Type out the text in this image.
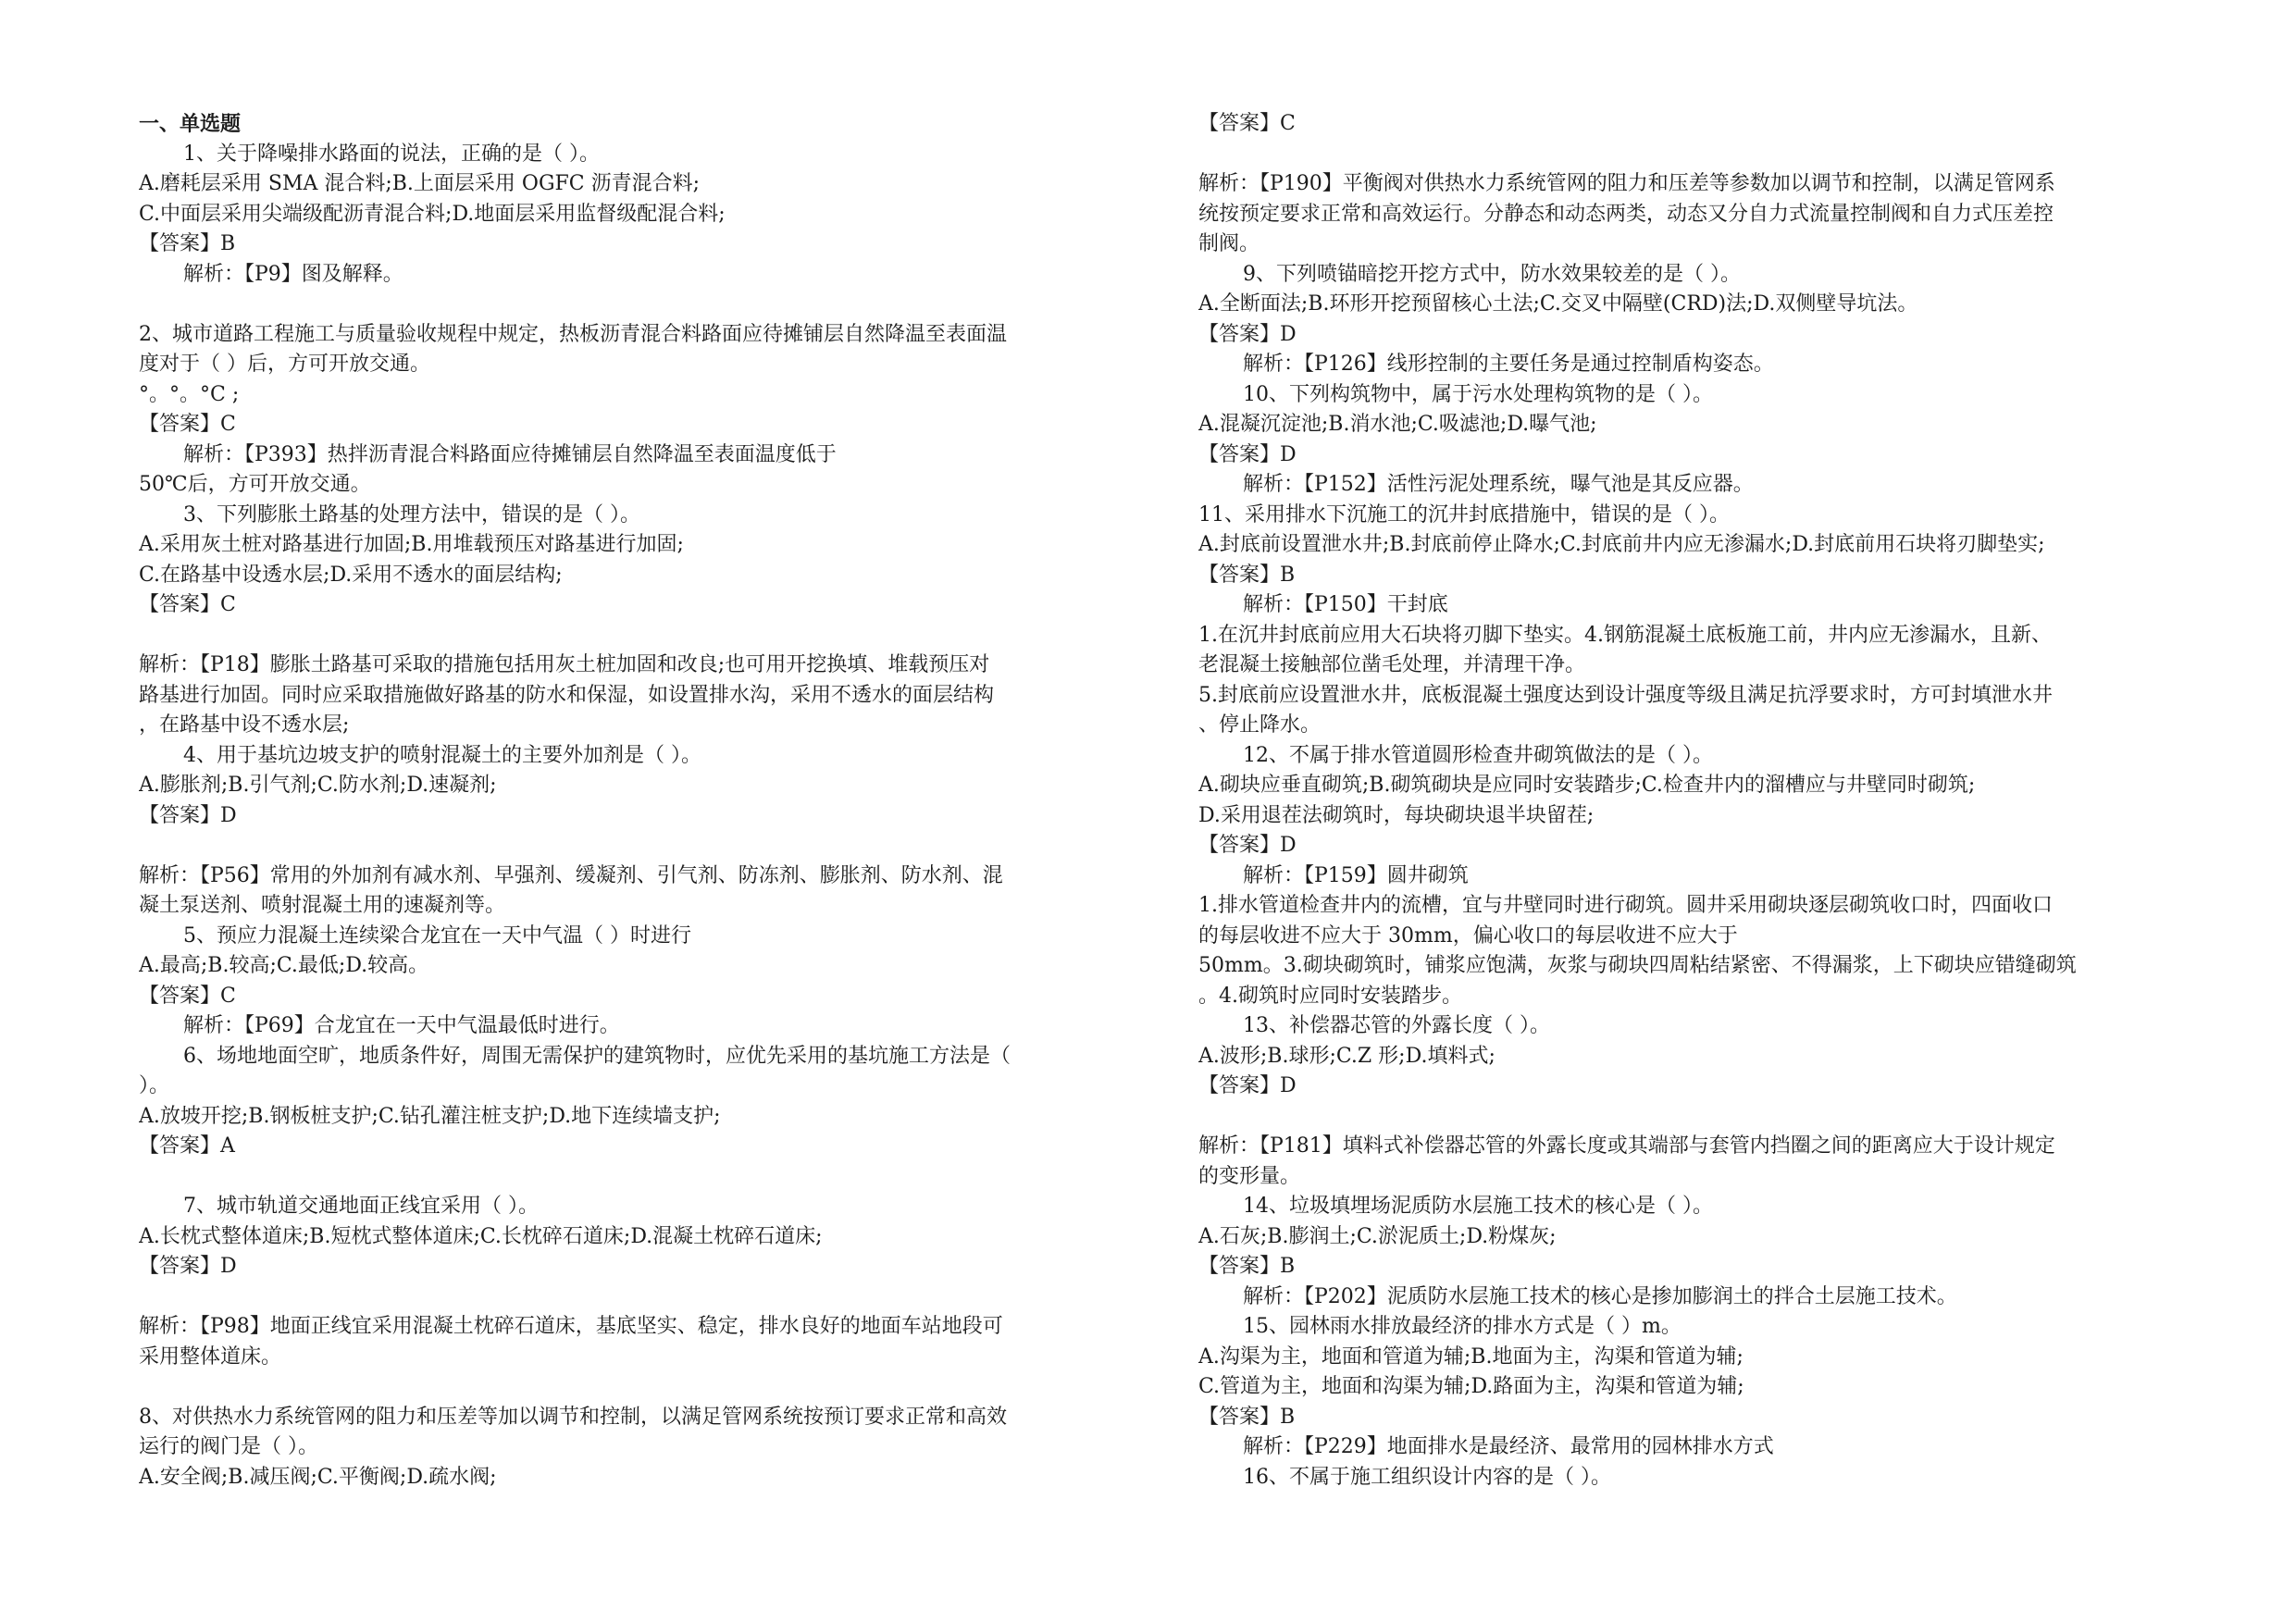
一、单选题
1、关于降噪排水路面的说法，正确的是（ ）。
A.磨耗层采用 SMA 混合料;B.上面层采用 OGFC 沥青混合料;
C.中面层采用尖端级配沥青混合料;D.地面层采用监督级配混合料;
【答案】B
解析：【P9】图及解释。
2、城市道路工程施工与质量验收规程中规定，热板沥青混合料路面应待摊铺层自然降温至表面温
度对于（ ）后，方可开放交通。
°。°。°C ;
【答案】C
解析：【P393】热拌沥青混合料路面应待摊铺层自然降温至表面温度低于
50℃后，方可开放交通。
3、下列膨胀土路基的处理方法中，错误的是（ ）。
A.采用灰土桩对路基进行加固;B.用堆载预压对路基进行加固;
C.在路基中设透水层;D.采用不透水的面层结构;
【答案】C
解析：【P18】膨胀土路基可采取的措施包括用灰土桩加固和改良;也可用开挖换填、堆载预压对
路基进行加固。同时应采取措施做好路基的防水和保湿，如设置排水沟，采用不透水的面层结构
，在路基中设不透水层;
4、用于基坑边坡支护的喷射混凝土的主要外加剂是（ ）。
A.膨胀剂;B.引气剂;C.防水剂;D.速凝剂;
【答案】D
解析：【P56】常用的外加剂有减水剂、早强剂、缓凝剂、引气剂、防冻剂、膨胀剂、防水剂、混
凝土泵送剂、喷射混凝土用的速凝剂等。
5、预应力混凝土连续梁合龙宜在一天中气温（ ）时进行
A.最高;B.较高;C.最低;D.较高。
【答案】C
解析：【P69】合龙宜在一天中气温最低时进行。
6、场地地面空旷，地质条件好，周围无需保护的建筑物时，应优先采用的基坑施工方法是（
）。
A.放坡开挖;B.钢板桩支护;C.钻孔灌注桩支护;D.地下连续墙支护;
【答案】A
7、城市轨道交通地面正线宜采用（ ）。
A.长枕式整体道床;B.短枕式整体道床;C.长枕碎石道床;D.混凝土枕碎石道床;
【答案】D
解析：【P98】地面正线宜采用混凝土枕碎石道床，基底坚实、稳定，排水良好的地面车站地段可
采用整体道床。
8、对供热水力系统管网的阻力和压差等加以调节和控制，以满足管网系统按预订要求正常和高效
运行的阀门是（ ）。
A.安全阀;B.减压阀;C.平衡阀;D.疏水阀;
【答案】C
解析：【P190】平衡阀对供热水力系统管网的阻力和压差等参数加以调节和控制，以满足管网系
统按预定要求正常和高效运行。分静态和动态两类，动态又分自力式流量控制阀和自力式压差控
制阀。
9、下列喷锚暗挖开挖方式中，防水效果较差的是（ ）。
A.全断面法;B.环形开挖预留核心土法;C.交叉中隔壁(CRD)法;D.双侧壁导坑法。
【答案】D
解析：【P126】线形控制的主要任务是通过控制盾构姿态。
10、下列构筑物中，属于污水处理构筑物的是（ ）。
A.混凝沉淀池;B.消水池;C.吸滤池;D.曝气池;
【答案】D
解析：【P152】活性污泥处理系统，曝气池是其反应器。
11、采用排水下沉施工的沉井封底措施中，错误的是（ ）。
A.封底前设置泄水井;B.封底前停止降水;C.封底前井内应无渗漏水;D.封底前用石块将刃脚垫实;
【答案】B
解析：【P150】干封底
1.在沉井封底前应用大石块将刃脚下垫实。4.钢筋混凝土底板施工前，井内应无渗漏水，且新、
老混凝土接触部位凿毛处理，并清理干净。
5.封底前应设置泄水井，底板混凝土强度达到设计强度等级且满足抗浮要求时，方可封填泄水井
、停止降水。
12、不属于排水管道圆形检查井砌筑做法的是（ ）。
A.砌块应垂直砌筑;B.砌筑砌块是应同时安装踏步;C.检查井内的溜槽应与井壁同时砌筑;
D.采用退茬法砌筑时，每块砌块退半块留茬;
【答案】D
解析：【P159】圆井砌筑
1.排水管道检查井内的流槽，宜与井壁同时进行砌筑。圆井采用砌块逐层砌筑收口时，四面收口
的每层收进不应大于 30mm，偏心收口的每层收进不应大于
50mm。3.砌块砌筑时，铺浆应饱满，灰浆与砌块四周粘结紧密、不得漏浆，上下砌块应错缝砌筑
。4.砌筑时应同时安装踏步。
13、补偿器芯管的外露长度（ ）。
A.波形;B.球形;C.Z 形;D.填料式;
【答案】D
解析：【P181】填料式补偿器芯管的外露长度或其端部与套管内挡圈之间的距离应大于设计规定
的变形量。
14、垃圾填埋场泥质防水层施工技术的核心是（ ）。
A.石灰;B.膨润土;C.淤泥质土;D.粉煤灰;
【答案】B
解析：【P202】泥质防水层施工技术的核心是掺加膨润土的拌合土层施工技术。
15、园林雨水排放最经济的排水方式是（ ）m。
A.沟渠为主，地面和管道为辅;B.地面为主，沟渠和管道为辅;
C.管道为主，地面和沟渠为辅;D.路面为主，沟渠和管道为辅;
【答案】B
解析：【P229】地面排水是最经济、最常用的园林排水方式
16、不属于施工组织设计内容的是（ ）。
